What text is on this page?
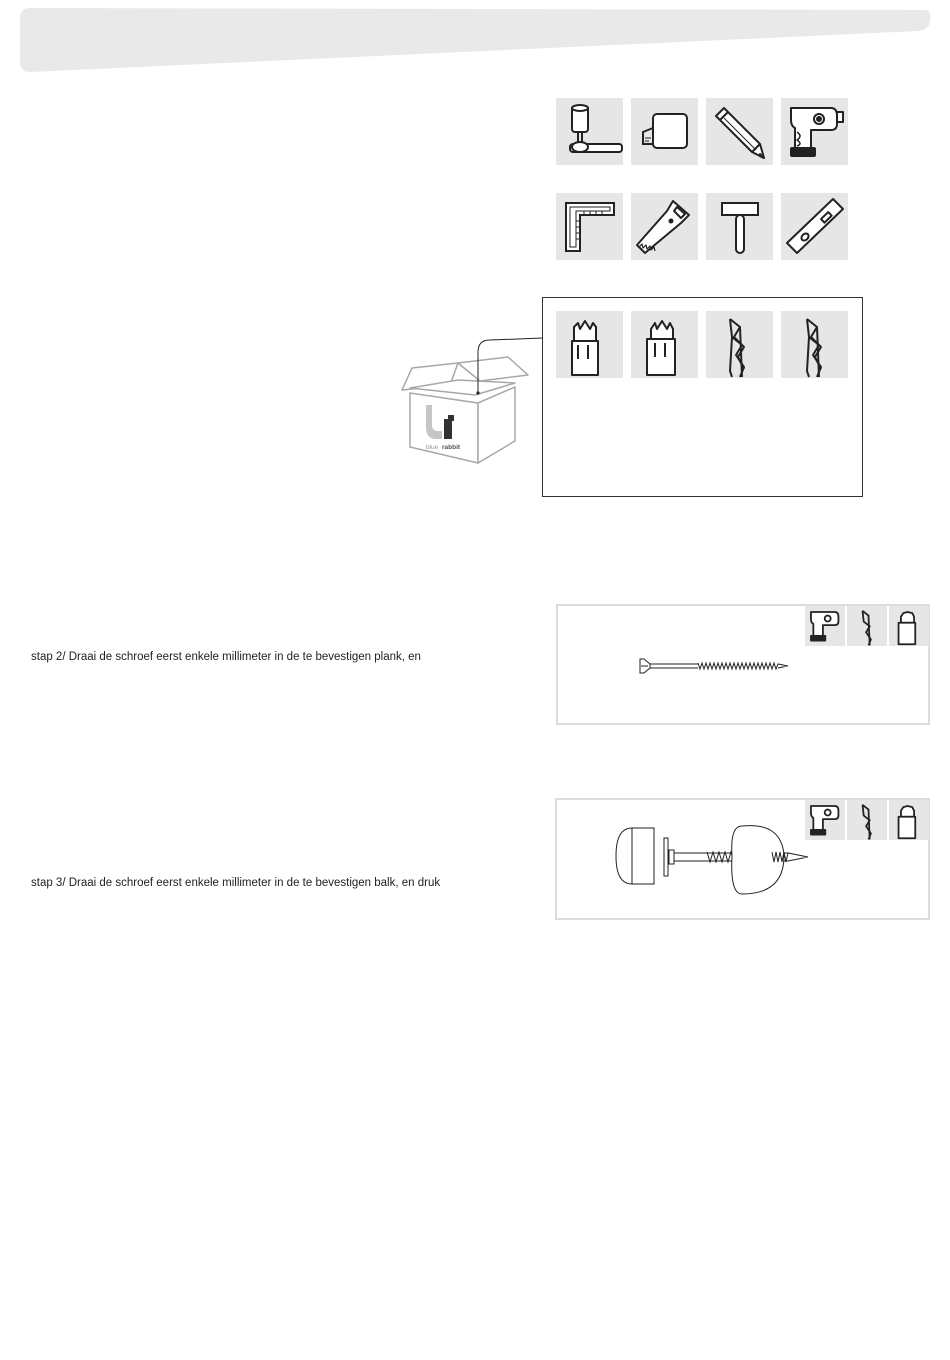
blue rabbit
stap 2/ Draai de schroef eerst enkele millimeter in de te bevestigen plank, en
stap 3/ Draai de schroef eerst enkele millimeter in de te bevestigen balk, en druk
